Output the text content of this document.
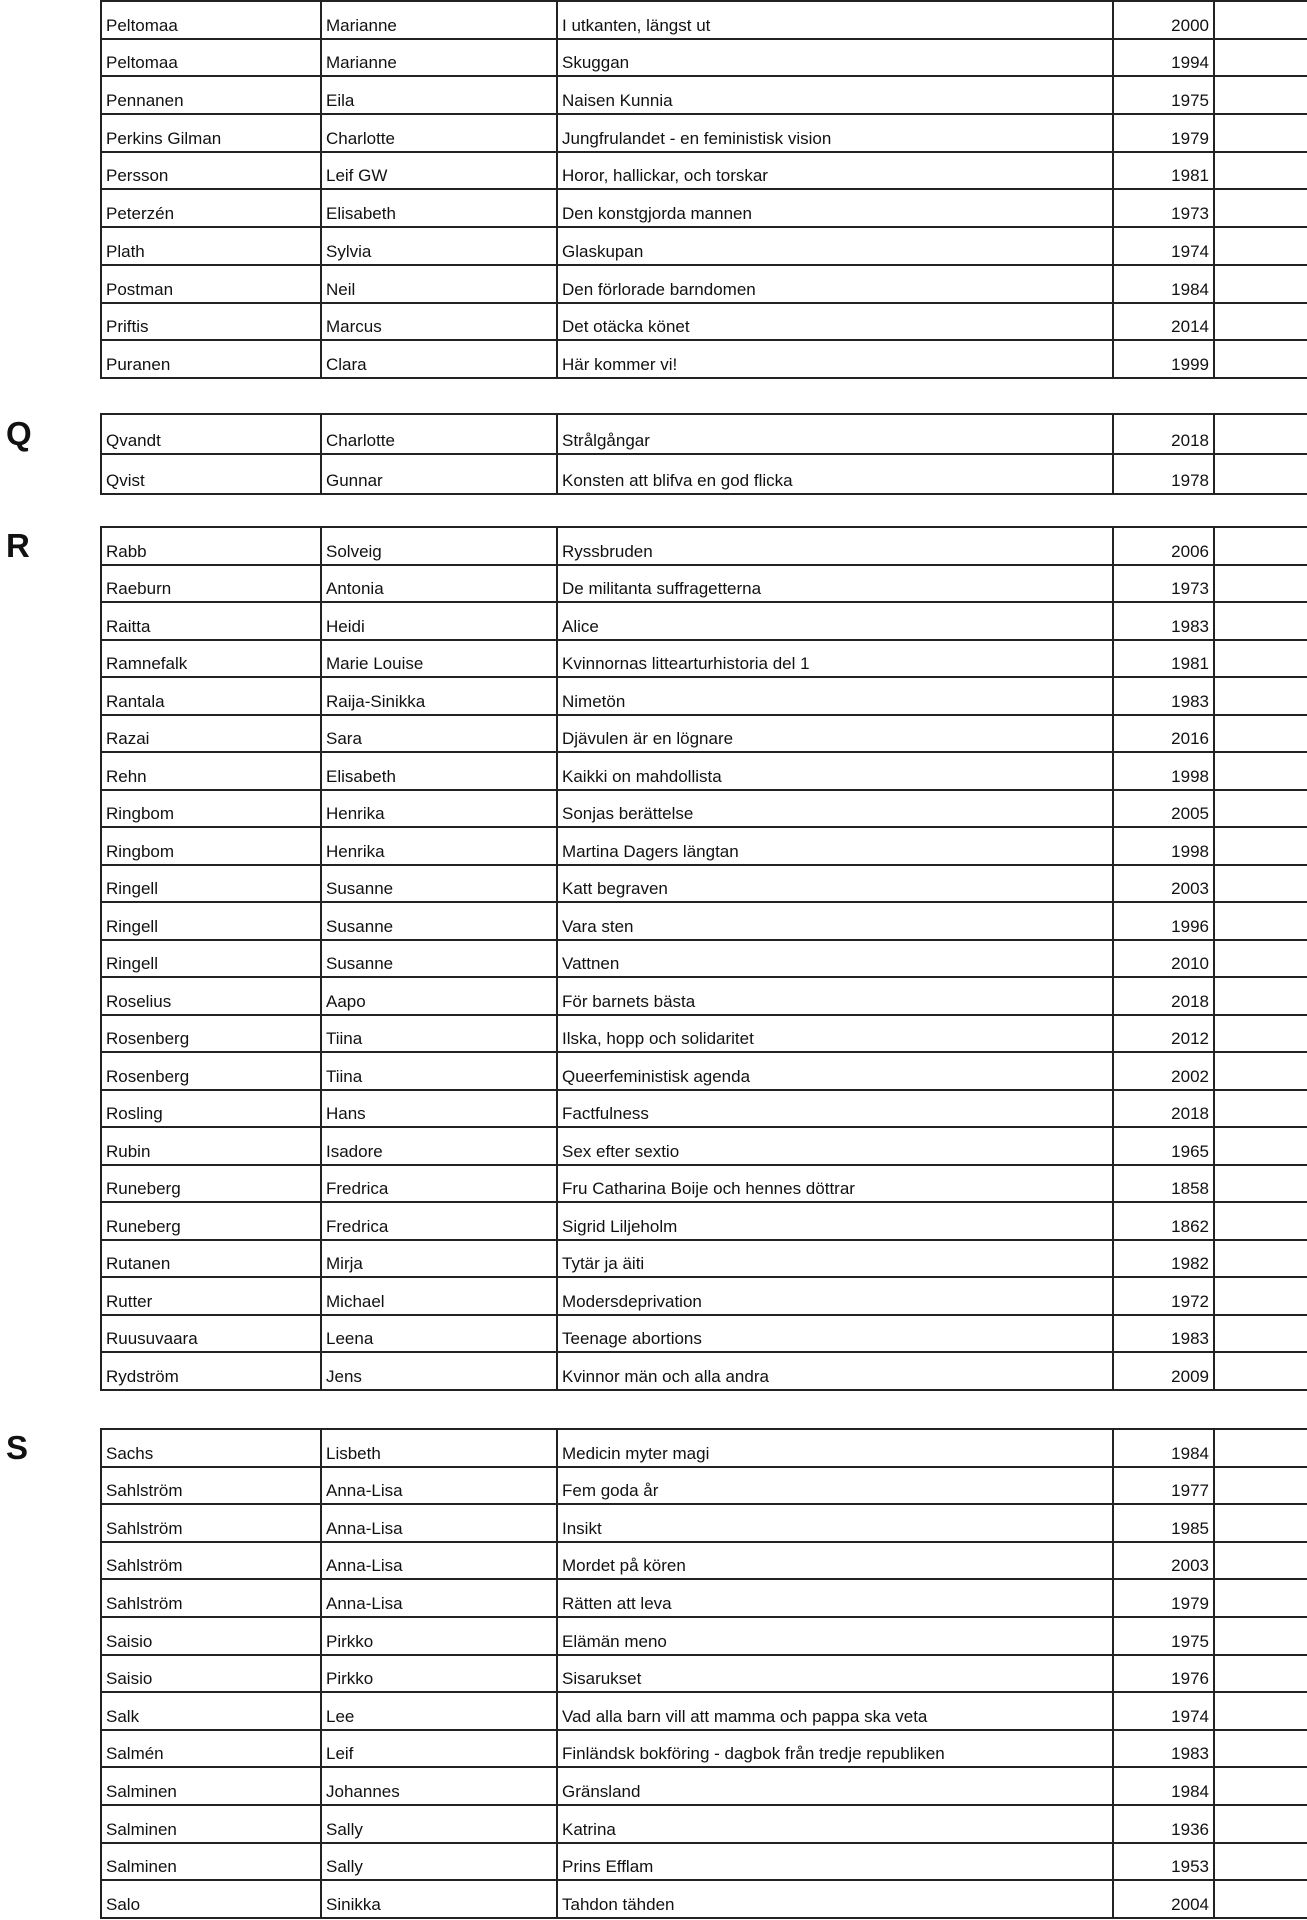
Peltomaa	Marianne	I utkanten, längst ut	2000	
Peltomaa	Marianne	Skuggan	1994	
Pennanen	Eila	Naisen Kunnia	1975	
Perkins Gilman	Charlotte	Jungfrulandet - en feministisk vision	1979	
Persson	Leif GW	Horor, hallickar, och torskar	1981	
Peterzén	Elisabeth	Den konstgjorda mannen	1973	
Plath	Sylvia	Glaskupan	1974	
Postman	Neil	Den förlorade barndomen	1984	
Priftis	Marcus	Det otäcka könet	2014	
Puranen	Clara	Här kommer vi!	1999	
Q	Qvandt	Charlotte	Strålgångar	2018	
Qvist	Gunnar	Konsten att blifva en god flicka	1978	
R	Rabb	Solveig	Ryssbruden	2006	
Raeburn	Antonia	De militanta suffragetterna	1973	
Raitta	Heidi	Alice	1983	
Ramnefalk	Marie Louise	Kvinnornas littearturhistoria del 1	1981	
Rantala	Raija-Sinikka	Nimetön	1983	
Razai	Sara	Djävulen är en lögnare	2016	
Rehn	Elisabeth	Kaikki on mahdollista	1998	
Ringbom	Henrika	Sonjas berättelse	2005	
Ringbom	Henrika	Martina Dagers längtan	1998	
Ringell	Susanne	Katt begraven	2003	
Ringell	Susanne	Vara sten	1996	
Ringell	Susanne	Vattnen	2010	
Roselius	Aapo	För barnets bästa	2018	
Rosenberg	Tiina	Ilska, hopp och solidaritet	2012	
Rosenberg	Tiina	Queerfeministisk agenda	2002	
Rosling	Hans	Factfulness	2018	
Rubin	Isadore	Sex efter sextio	1965	
Runeberg	Fredrica	Fru Catharina Boije och hennes döttrar	1858	
Runeberg	Fredrica	Sigrid Liljeholm	1862	
Rutanen	Mirja	Tytär ja äiti	1982	
Rutter	Michael	Modersdeprivation	1972	
Ruusuvaara	Leena	Teenage abortions	1983	
Rydström	Jens	Kvinnor män och alla andra	2009	
S	Sachs	Lisbeth	Medicin myter magi	1984	
Sahlström	Anna-Lisa	Fem goda år	1977	
Sahlström	Anna-Lisa	Insikt	1985	
Sahlström	Anna-Lisa	Mordet på kören	2003	
Sahlström	Anna-Lisa	Rätten att leva	1979	
Saisio	Pirkko	Elämän meno	1975	
Saisio	Pirkko	Sisarukset	1976	
Salk	Lee	Vad alla barn vill att mamma och pappa ska veta	1974	
Salmén	Leif	Finländsk bokföring - dagbok från tredje republiken	1983	
Salminen	Johannes	Gränsland	1984	
Salminen	Sally	Katrina	1936	
Salminen	Sally	Prins Efflam	1953	
Salo	Sinikka	Tahdon tähden	2004	
